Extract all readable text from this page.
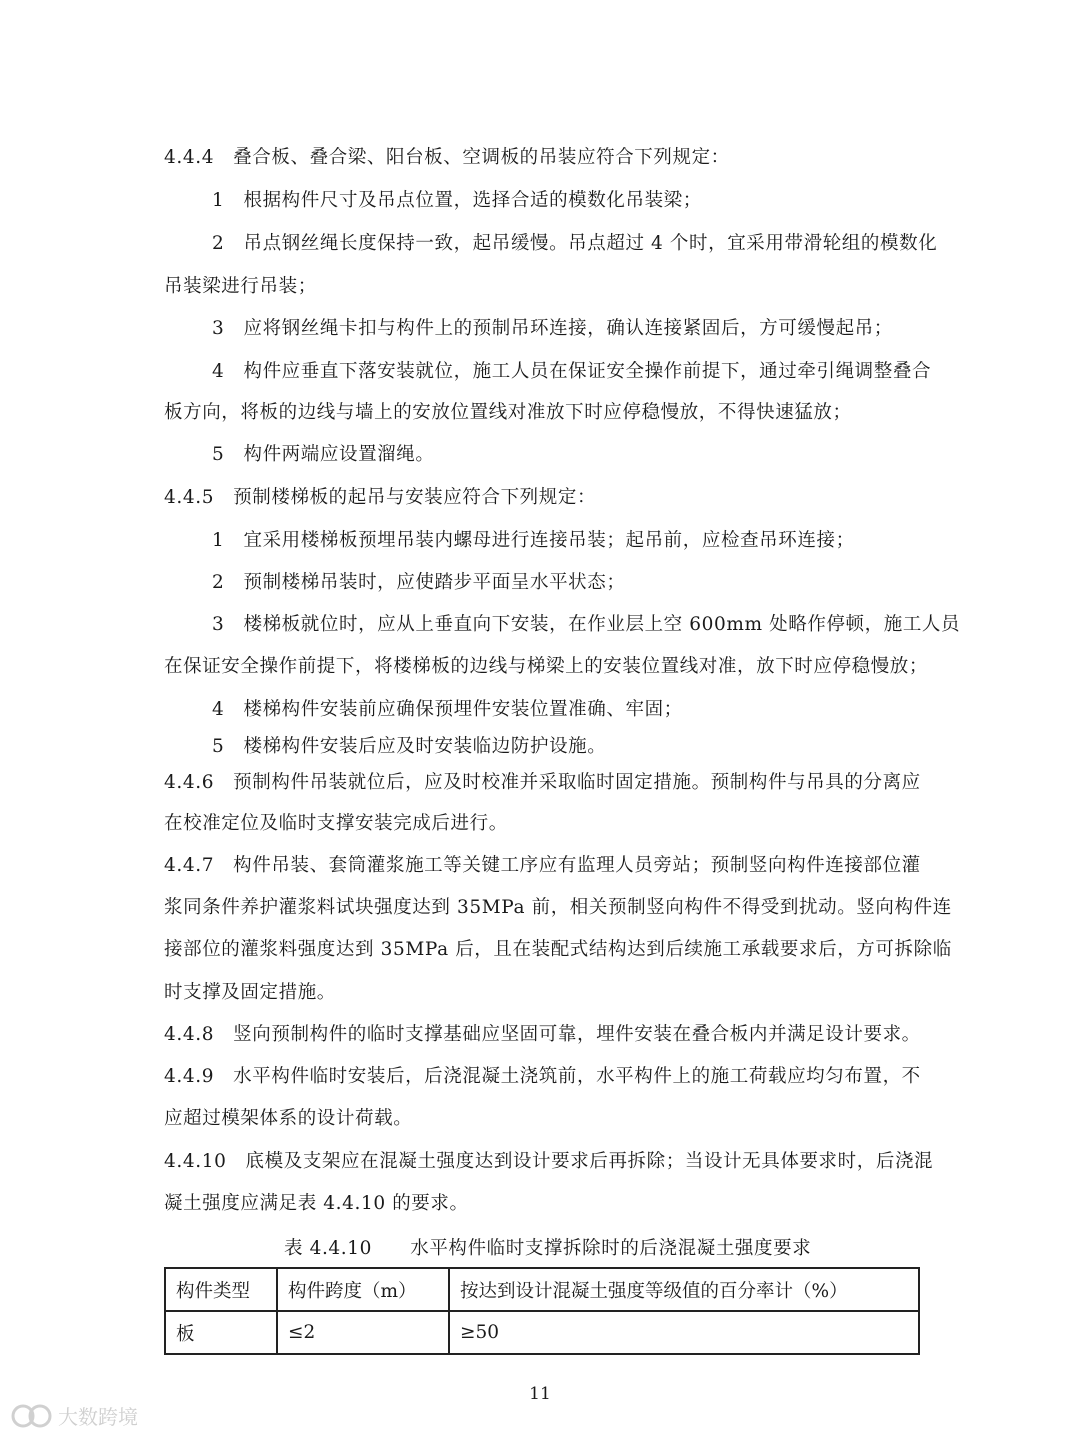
4.4.4　叠合板、叠合梁、阳台板、空调板的吊装应符合下列规定：
1　根据构件尺寸及吊点位置，选择合适的模数化吊装梁；
2　吊点钢丝绳长度保持一致，起吊缓慢。吊点超过 4 个时，宜采用带滑轮组的模数化
吊装梁进行吊装；
3　应将钢丝绳卡扣与构件上的预制吊环连接，确认连接紧固后，方可缓慢起吊；
4　构件应垂直下落安装就位，施工人员在保证安全操作前提下，通过牵引绳调整叠合
板方向，将板的边线与墙上的安放位置线对准放下时应停稳慢放，不得快速猛放；
5　构件两端应设置溜绳。
4.4.5　预制楼梯板的起吊与安装应符合下列规定：
1　宜采用楼梯板预埋吊装内螺母进行连接吊装；起吊前，应检查吊环连接；
2　预制楼梯吊装时，应使踏步平面呈水平状态；
3　楼梯板就位时，应从上垂直向下安装，在作业层上空 600mm 处略作停顿，施工人员
在保证安全操作前提下，将楼梯板的边线与梯梁上的安装位置线对准，放下时应停稳慢放；
4　楼梯构件安装前应确保预埋件安装位置准确、牢固；
5　楼梯构件安装后应及时安装临边防护设施。
4.4.6　预制构件吊装就位后，应及时校准并采取临时固定措施。预制构件与吊具的分离应
在校准定位及临时支撑安装完成后进行。
4.4.7　构件吊装、套筒灌浆施工等关键工序应有监理人员旁站；预制竖向构件连接部位灌
浆同条件养护灌浆料试块强度达到 35MPa 前，相关预制竖向构件不得受到扰动。竖向构件连
接部位的灌浆料强度达到 35MPa 后，且在装配式结构达到后续施工承载要求后，方可拆除临
时支撑及固定措施。
4.4.8　竖向预制构件的临时支撑基础应坚固可靠，埋件安装在叠合板内并满足设计要求。
4.4.9　水平构件临时安装后，后浇混凝土浇筑前，水平构件上的施工荷载应均匀布置，不
应超过模架体系的设计荷载。
4.4.10　底模及支架应在混凝土强度达到设计要求后再拆除；当设计无具体要求时，后浇混
凝土强度应满足表 4.4.10 的要求。
表 4.4.10　　水平构件临时支撑拆除时的后浇混凝土强度要求
构件类型	构件跨度（m）	按达到设计混凝土强度等级值的百分率计（%）
板	≤2	≥50
11
大数跨境
